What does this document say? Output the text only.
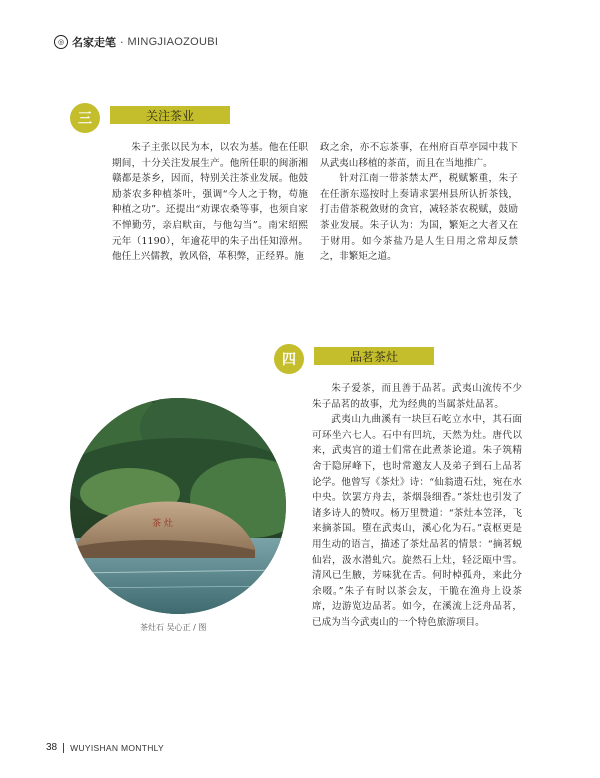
◎ 名家走笔 · MINGJIAOZOUBI
三	关注茶业

朱子主张以民为本，以农为基。他在任职期间，十分关注发展生产。他所任职的闽浙湘赣都是茶乡，因而，特别关注茶业发展。他鼓励茶农多种植茶叶，强调“今人之于物，苟施种植之功”。还提出“劝课农桑等事，也须自家不惮勤劳，亲启畎亩，与他勾当”。南宋绍熙元年（1190），年逾花甲的朱子出任知漳州。他任上兴儒教，敦风俗，革积弊，正经界。施

政之余，亦不忘茶事，在州府百草亭园中栽下从武夷山移植的茶苗，而且在当地推广。

针对江南一带茶禁太严，税赋繁重，朱子在任浙东巡按时上奏请求罢州县所认折茶钱，打击借茶税敛财的贪官，减轻茶农税赋，鼓励茶业发展。朱子认为：为国，繁矩之大者又在于财用。如今茶盐乃是人生日用之常却反禁之，非繁矩之道。

四	品茗茶灶
茶 灶
茶灶石 吴心正 / 图

朱子爱茶，而且善于品茗。武夷山流传不少朱子品茗的故事，尤为经典的当属茶灶品茗。

武夷山九曲溪有一块巨石屹立水中，其石面可环坐六七人。石中有凹坑，天然为灶。唐代以来，武夷宫的道士们常在此煮茶论道。朱子筑精舍于隐屏峰下，也时常邀友人及弟子到石上品茗论学。他曾写《茶灶》诗：“仙翁遗石灶，宛在水中央。饮罢方舟去，茶烟袅细香。”茶灶也引发了诸多诗人的赞叹。杨万里赞道：“茶灶本笠泽，飞来摘茶国。堕在武夷山，溪心化为石。”袁枢更是用生动的语言，描述了茶灶品茗的情景：“摘茗蜕仙岩，汲水潜虬穴。旋然石上灶，轻泛瓯中雪。清风已生腋，芳味犹在舌。何时棹孤舟，来此分余啜。”朱子有时以茶会友，干脆在渔舟上设茶席，边游览边品茗。如今，在溪流上泛舟品茗，已成为当今武夷山的一个特色旅游项目。

38 WUYISHAN MONTHLY
